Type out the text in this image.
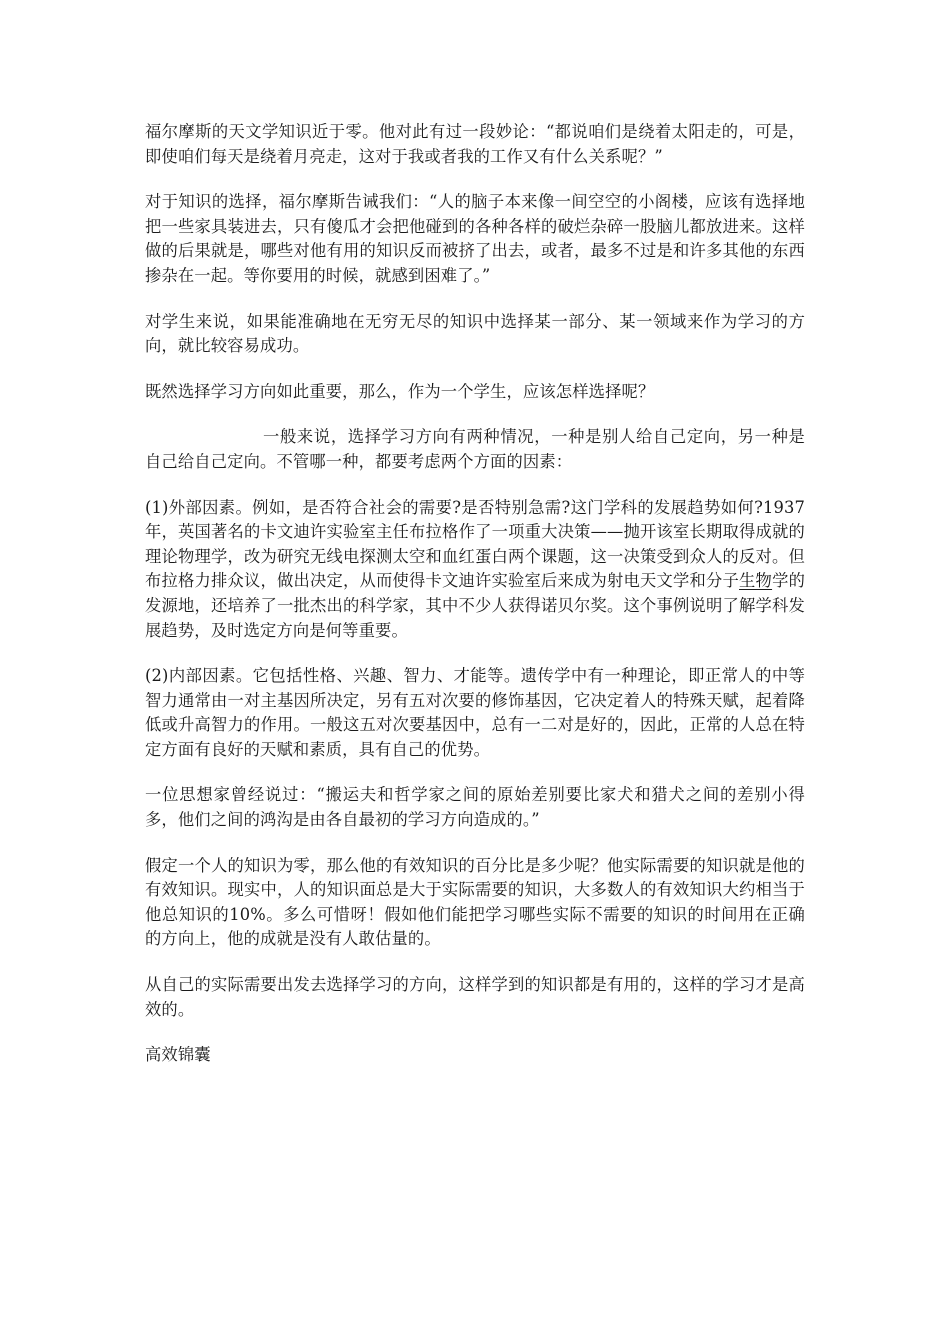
福尔摩斯的天文学知识近于零。他对此有过一段妙论：“都说咱们是绕着太阳走的，可是，即使咱们每天是绕着月亮走，这对于我或者我的工作又有什么关系呢？”

对于知识的选择，福尔摩斯告诫我们：“人的脑子本来像一间空空的小阁楼，应该有选择地把一些家具装进去，只有傻瓜才会把他碰到的各种各样的破烂杂碎一股脑儿都放进来。这样做的后果就是，哪些对他有用的知识反而被挤了出去，或者，最多不过是和许多其他的东西掺杂在一起。等你要用的时候，就感到困难了。”

对学生来说，如果能准确地在无穷无尽的知识中选择某一部分、某一领域来作为学习的方向，就比较容易成功。

既然选择学习方向如此重要，那么，作为一个学生，应该怎样选择呢？

一般来说，选择学习方向有两种情况，一种是别人给自己定向，另一种是自己给自己定向。不管哪一种，都要考虑两个方面的因素：

(1)外部因素。例如，是否符合社会的需要?是否特别急需?这门学科的发展趋势如何?1937年，英国著名的卡文迪许实验室主任布拉格作了一项重大决策——抛开该室长期取得成就的理论物理学，改为研究无线电探测太空和血红蛋白两个课题，这一决策受到众人的反对。但布拉格力排众议，做出决定，从而使得卡文迪许实验室后来成为射电天文学和分子生物学的发源地，还培养了一批杰出的科学家，其中不少人获得诺贝尔奖。这个事例说明了解学科发展趋势，及时选定方向是何等重要。

(2)内部因素。它包括性格、兴趣、智力、才能等。遗传学中有一种理论，即正常人的中等智力通常由一对主基因所决定，另有五对次要的修饰基因，它决定着人的特殊天赋，起着降低或升高智力的作用。一般这五对次要基因中，总有一二对是好的，因此，正常的人总在特定方面有良好的天赋和素质，具有自己的优势。

一位思想家曾经说过：“搬运夫和哲学家之间的原始差别要比家犬和猎犬之间的差别小得多，他们之间的鸿沟是由各自最初的学习方向造成的。”

假定一个人的知识为零，那么他的有效知识的百分比是多少呢？他实际需要的知识就是他的有效知识。现实中，人的知识面总是大于实际需要的知识，大多数人的有效知识大约相当于他总知识的10%。多么可惜呀！假如他们能把学习哪些实际不需要的知识的时间用在正确的方向上，他的成就是没有人敢估量的。

从自己的实际需要出发去选择学习的方向，这样学到的知识都是有用的，这样的学习才是高效的。

高效锦囊
